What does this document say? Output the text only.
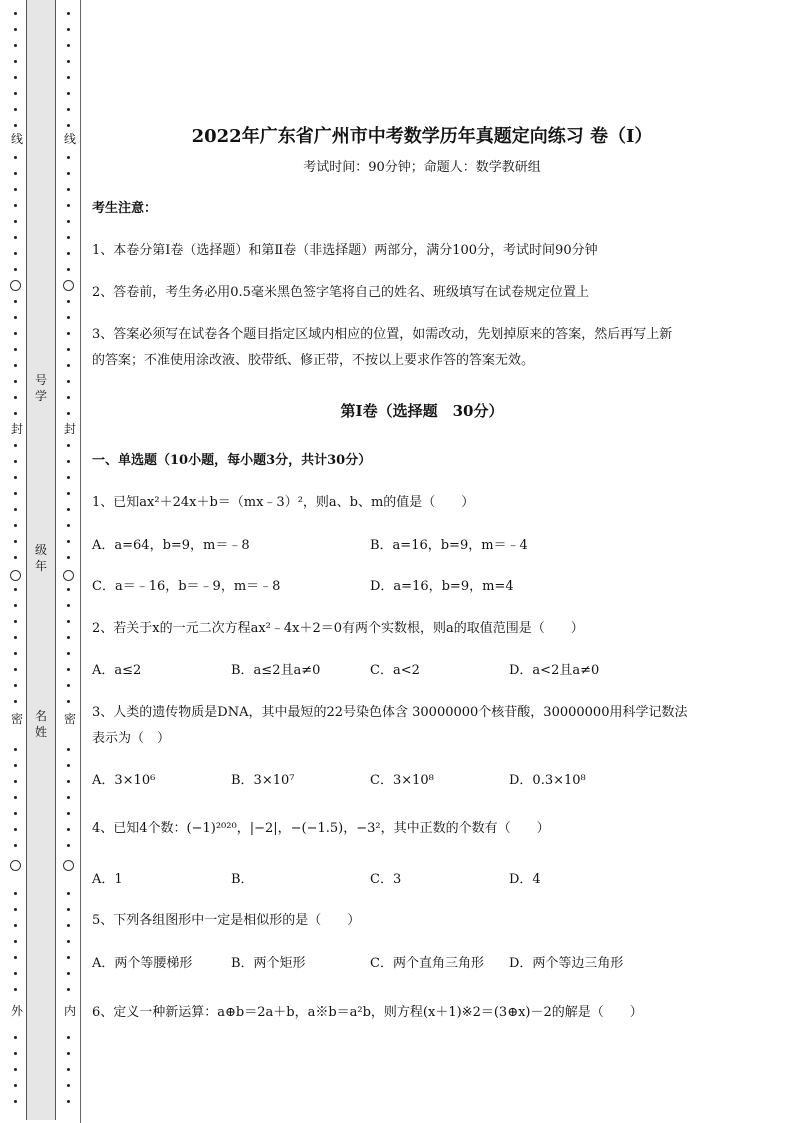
线
封
密
外
号学
级年
名姓
线
封
密
内
2022年广东省广州市中考数学历年真题定向练习 卷（Ⅰ）
考试时间：90分钟；命题人：数学教研组
考生注意：
1、本卷分第Ⅰ卷（选择题）和第Ⅱ卷（非选择题）两部分，满分100分，考试时间90分钟
2、答卷前，考生务必用0.5毫米黑色签字笔将自己的姓名、班级填写在试卷规定位置上
3、答案必须写在试卷各个题目指定区域内相应的位置，如需改动，先划掉原来的答案，然后再写上新
的答案；不准使用涂改液、胶带纸、修正带，不按以上要求作答的答案无效。
第Ⅰ卷（选择题　30分）
一、单选题（10小题，每小题3分，共计30分）
1、已知ax²＋24x＋b＝（mx﹣3）²，则a、b、m的值是（　　）
A．a=64，b=9，m＝﹣8	B．a=16，b=9，m＝﹣4
C．a＝﹣16，b＝﹣9，m＝﹣8	D．a=16，b=9，m=4
2、若关于x的一元二次方程ax²﹣4x＋2＝0有两个实数根，则a的取值范围是（　　）
A．a≤2	B．a≤2且a≠0	C．a<2	D．a<2且a≠0
3、人类的遗传物质是DNA，其中最短的22号染色体含 30000000个核苷酸，30000000用科学记数法
表示为（　）
A．3×10⁶	B．3×10⁷	C．3×10⁸	D．0.3×10⁸
4、已知4个数：(−1)²⁰²⁰，|−2|，−(−1.5)，−3²，其中正数的个数有（　　）
A．1	B．	C．3	D．4
5、下列各组图形中一定是相似形的是（　　）
A．两个等腰梯形	B．两个矩形	C．两个直角三角形 D．两个等边三角形
6、定义一种新运算：a⊕b＝2a＋b，a※b＝a²b，则方程(x＋1)※2＝(3⊕x)－2的解是（　　）
